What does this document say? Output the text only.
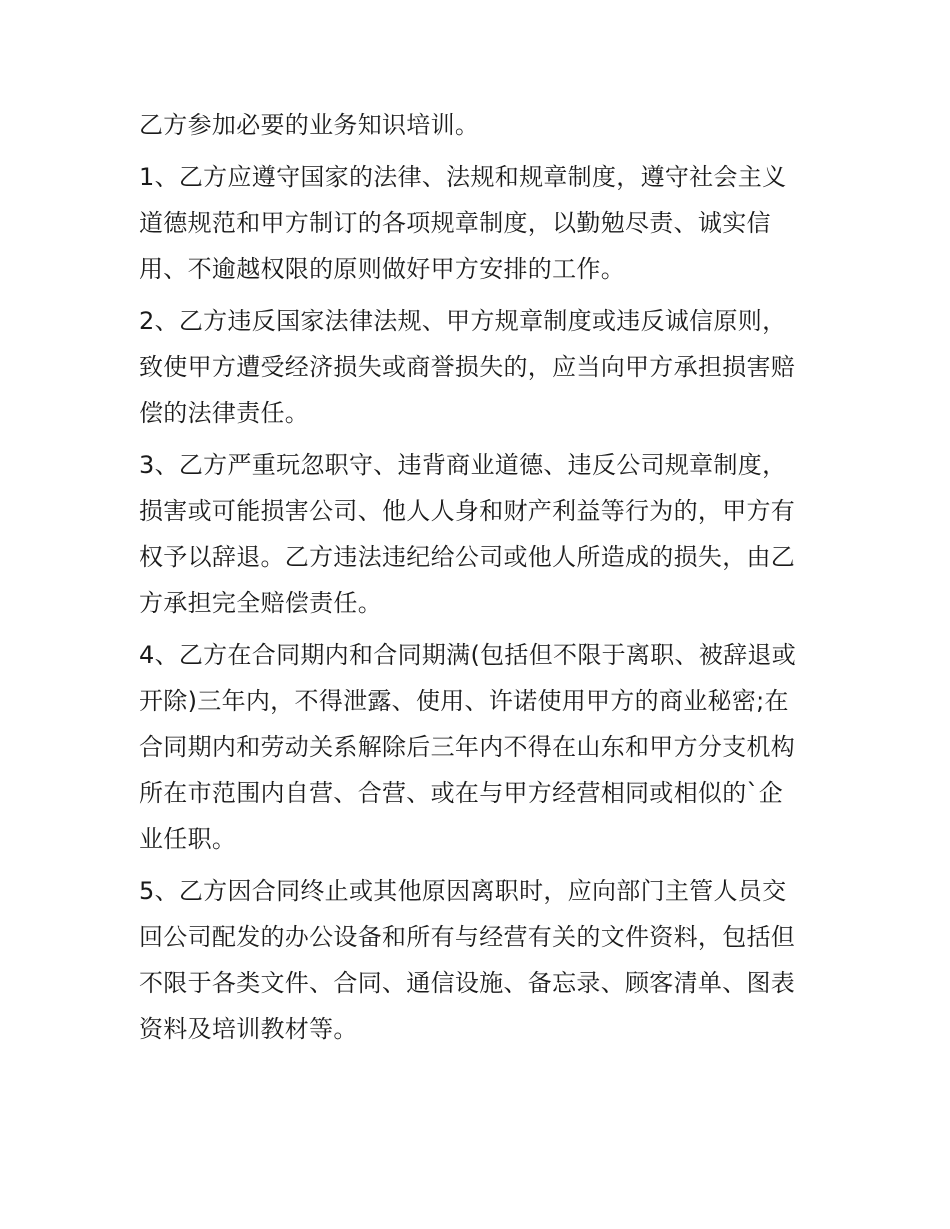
乙方参加必要的业务知识培训。
1、乙方应遵守国家的法律、法规和规章制度，遵守社会主义
道德规范和甲方制订的各项规章制度，以勤勉尽责、诚实信
用、不逾越权限的原则做好甲方安排的工作。
2、乙方违反国家法律法规、甲方规章制度或违反诚信原则，
致使甲方遭受经济损失或商誉损失的，应当向甲方承担损害赔
偿的法律责任。
3、乙方严重玩忽职守、违背商业道德、违反公司规章制度，
损害或可能损害公司、他人人身和财产利益等行为的，甲方有
权予以辞退。乙方违法违纪给公司或他人所造成的损失，由乙
方承担完全赔偿责任。
4、乙方在合同期内和合同期满(包括但不限于离职、被辞退或
开除)三年内，不得泄露、使用、许诺使用甲方的商业秘密;在
合同期内和劳动关系解除后三年内不得在山东和甲方分支机构
所在市范围内自营、合营、或在与甲方经营相同或相似的`企
业任职。
5、乙方因合同终止或其他原因离职时，应向部门主管人员交
回公司配发的办公设备和所有与经营有关的文件资料，包括但
不限于各类文件、合同、通信设施、备忘录、顾客清单、图表
资料及培训教材等。
